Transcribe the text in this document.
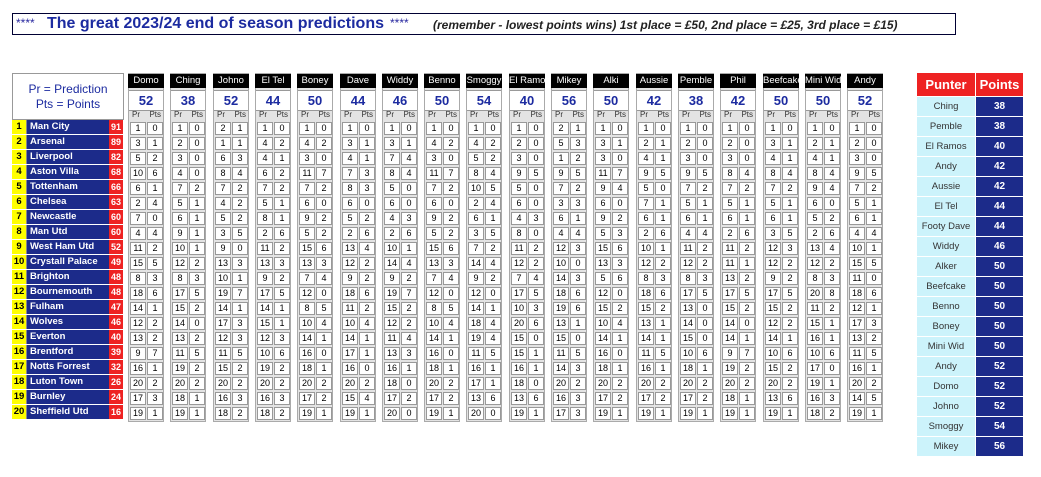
**** The great 2023/24 end of season predictions **** (remember - lowest points wins) 1st place = £50, 2nd place = £25, 3rd place = £15)
Pr = Prediction
Pts = Points
1 Man City	91
2 Arsenal	89
3 Liverpool	82
4 Aston Villa	68
5 Tottenham	66
6 Chelsea	63
7 Newcastle	60
8 Man Utd	60
9 West Ham Utd	52
10 Crystall Palace	49
11 Brighton	48
12 Bournemouth	48
13 Fulham	47
14 Wolves	46
15 Everton	40
16 Brentford	39
17 Notts Forrest	32
18 Luton Town	26
19 Burnley	24
20 Sheffield Utd	16
Domo
52
Pr Pts
1	0
3	1
5	2
10	6
6	1
2	4
7	0
4	4
11	2
15	5
8	3
18	6
14	1
12	2
13	2
9	7
16	1
20	2
17	3
19	1
Ching
38
Pr Pts
1	0
2	0
3	0
4	0
7	2
5	1
6	1
9	1
10	1
12	2
8	3
17	5
15	2
14	0
13	2
11	5
19	2
20	2
18	1
19	1
Johno
52
Pr Pts
2	1
1	1
6	3
8	4
7	2
4	2
5	2
3	5
9	0
13	3
10	1
19	7
14	1
17	3
12	3
11	5
15	2
20	2
16	3
18	2
El Tel
44
Pr Pts
1	0
4	2
4	1
6	2
7	2
5	1
8	1
2	6
11	2
13	3
9	2
17	5
14	1
15	1
12	3
10	6
19	2
20	2
16	3
18	2
Boney
50
Pr Pts
1	0
4	2
3	0
11	7
7	2
6	0
9	2
5	2
15	6
13	3
7	4
12	0
8	5
10	4
14	1
16	0
18	1
20	2
17	2
19	1
Dave
44
Pr Pts
1	0
3	1
4	1
7	3
8	3
6	0
5	2
2	6
13	4
12	2
9	2
18	6
11	2
10	4
14	1
17	1
16	0
20	2
15	4
19	1
Widdy
46
Pr Pts
1	0
3	1
7	4
8	4
5	0
6	0
4	3
2	6
10	1
14	4
9	2
19	7
15	2
12	2
11	4
13	3
16	1
18	0
17	2
20	0
Benno
50
Pr Pts
1	0
4	2
3	0
11	7
7	2
6	0
9	2
5	2
15	6
13	3
7	4
12	0
8	5
10	4
14	1
16	0
18	1
20	2
17	2
19	1
Smoggy
54
Pr Pts
1	0
4	2
5	2
8	4
10	5
2	4
6	1
3	5
7	2
14	4
9	2
12	0
14	1
18	4
19	4
11	5
16	1
17	1
13	6
20	0
El Ramos
40
Pr Pts
1	0
2	0
3	0
9	5
5	0
6	0
4	3
8	0
11	2
12	2
7	4
17	5
10	3
20	6
15	0
15	1
16	1
18	0
13	6
19	1
Mikey
56
Pr Pts
2	1
5	3
1	2
9	5
7	2
3	3
6	1
4	4
12	3
10	0
14	3
18	6
19	6
13	1
15	0
11	5
14	3
20	2
16	3
17	3
Alki
50
Pr Pts
1	0
3	1
3	0
11	7
9	4
6	0
9	2
5	3
15	6
13	3
5	6
12	0
15	2
10	4
14	1
16	0
18	1
20	2
17	2
19	1
Aussie
42
Pr Pts
1	0
2	1
4	1
9	5
5	0
7	1
6	1
2	6
10	1
12	2
8	3
18	6
15	2
13	1
14	1
11	5
16	1
20	2
17	2
19	1
Pemble
38
Pr Pts
1	0
2	0
3	0
9	5
7	2
5	1
6	1
4	4
11	2
12	2
8	3
17	5
13	0
14	0
15	0
10	6
18	1
20	2
17	2
19	1
Phil
42
Pr Pts
1	0
2	0
3	0
8	4
7	2
5	1
6	1
2	6
11	2
11	1
13	2
17	5
15	2
14	0
14	1
9	7
19	2
20	2
18	1
19	1
Beefcake
50
Pr Pts
1	0
3	1
4	1
8	4
7	2
5	1
6	1
3	5
12	3
12	2
9	2
17	5
15	2
12	2
14	1
10	6
15	2
20	2
13	6
19	1
Mini Wid
50
Pr Pts
1	0
2	1
4	1
8	4
9	4
6	0
5	2
2	6
13	4
12	2
8	3
20	8
11	2
15	1
16	1
10	6
17	0
19	1
16	3
18	2
Andy
52
Pr Pts
1	0
2	0
3	0
9	5
7	2
5	1
6	1
4	4
10	1
15	5
11	0
18	6
12	1
17	3
13	2
11	5
16	1
20	2
14	5
19	1
Punter	Points
Ching	38
Pemble	38
El Ramos	40
Andy	42
Aussie	42
El Tel	44
Footy Dave	44
Widdy	46
Alker	50
Beefcake	50
Benno	50
Boney	50
Mini Wid	50
Andy	52
Domo	52
Johno	52
Smoggy	54
Mikey	56
